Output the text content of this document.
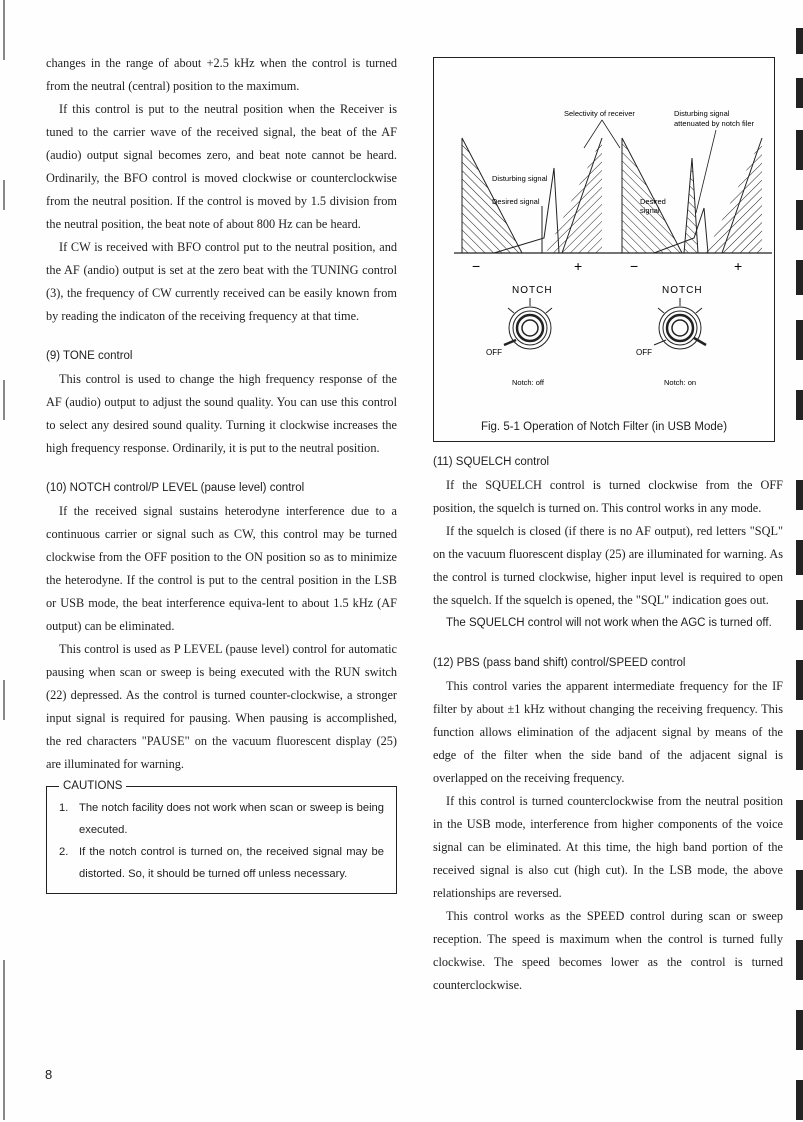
changes in the range of about +2.5 kHz when the control is turned from the neutral (central) position to the maximum.

If this control is put to the neutral position when the Receiver is tuned to the carrier wave of the received signal, the beat of the AF (audio) output signal becomes zero, and beat note cannot be heard. Ordinarily, the BFO control is moved clockwise or counterclockwise from the neutral position. If the control is moved by 1.5 division from the neutral position, the beat note of about 800 Hz can be heard.

If CW is received with BFO control put to the neutral position, and the AF (andio) output is set at the zero beat with the TUNING control (3), the frequency of CW currently received can be easily known from by reading the indicaton of the receiving frequency at that time.

(9) TONE control

This control is used to change the high frequency response of the AF (audio) output to adjust the sound quality. You can use this control to select any desired sound quality. Turning it clockwise increases the high frequency response. Ordinarily, it is put to the neutral position.

(10) NOTCH control/P LEVEL (pause level) control

If the received signal sustains heterodyne interference due to a continuous carrier or signal such as CW, this control may be turned clockwise from the OFF position to the ON position so as to minimize the heterodyne. If the control is put to the central position in the LSB or USB mode, the beat interference equiva-lent to about 1.5 kHz (AF output) can be eliminated.

This control is used as P LEVEL (pause level) control for automatic pausing when scan or sweep is being executed with the RUN switch (22) depressed. As the control is turned counter-clockwise, a stronger input signal is required for pausing. When pausing is accomplished, the red characters "PAUSE" on the vacuum fluorescent display (25) are illuminated for warning.

CAUTIONS
1. The notch facility does not work when scan or sweep is being executed.
2. If the notch control is turned on, the received signal may be distorted. So, it should be turned off unless necessary.
Selectivity of receiver	Disturbing signal
attenuated by notch filer
Disturbing signal
Desired signal
−	+
Desired
signal
−	+
NOTCH
OFF
Notch: off
NOTCH
OFF
Notch: on
Fig. 5-1 Operation of Notch Filter (in USB Mode)
(11) SQUELCH control

If the SQUELCH control is turned clockwise from the OFF position, the squelch is turned on. This control works in any mode.

If the squelch is closed (if there is no AF output), red letters "SQL" on the vacuum fluorescent display (25) are illuminated for warning. As the control is turned clockwise, higher input level is required to open the squelch. If the squelch is opened, the "SQL" indication goes out.

The SQUELCH control will not work when the AGC is turned off.

(12) PBS (pass band shift) control/SPEED control

This control varies the apparent intermediate frequency for the IF filter by about ±1 kHz without changing the receiving frequency. This function allows elimination of the adjacent signal by means of the edge of the filter when the side band of the adjacent signal is overlapped on the receiving frequency.

If this control is turned counterclockwise from the neutral position in the USB mode, interference from higher components of the voice signal can be eliminated. At this time, the high band portion of the received signal is also cut (high cut). In the LSB mode, the above relationships are reversed.

This control works as the SPEED control during scan or sweep reception. The speed is maximum when the control is turned fully clockwise. The speed becomes lower as the control is turned counterclockwise.

8
